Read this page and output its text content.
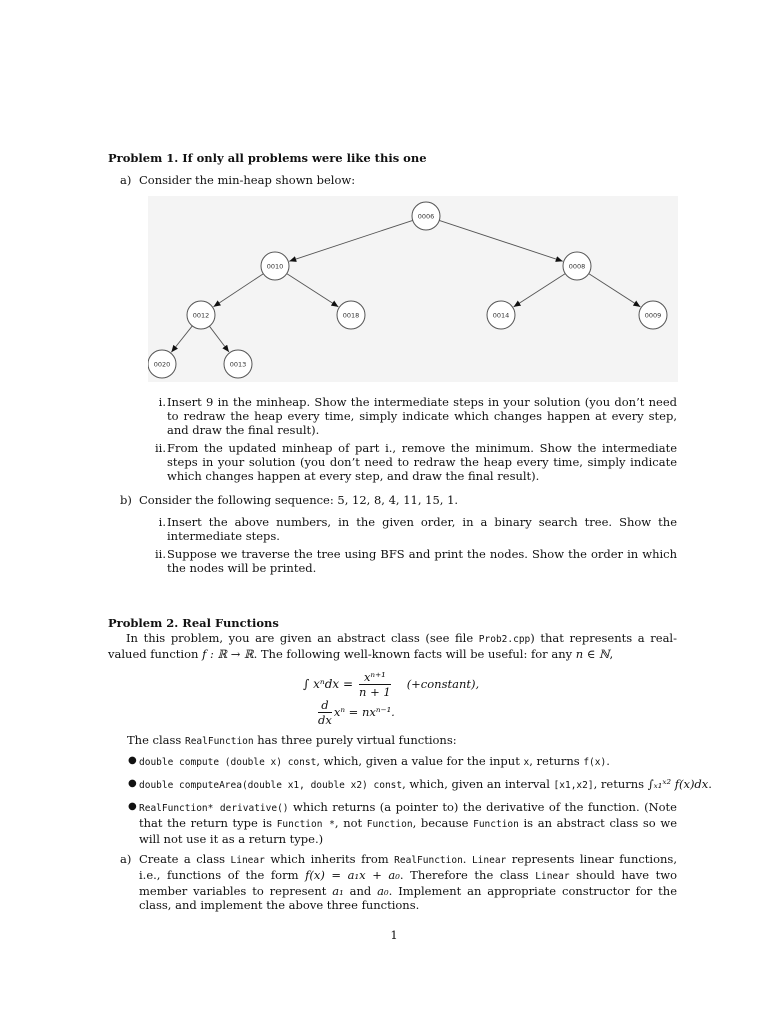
Problem 1. If only all problems were like this one
a) Consider the min-heap shown below:
0006
0010	0008
0012	0018	0014	0009
0020	0013
i. Insert 9 in the minheap. Show the intermediate steps in your solution (you don’t need to redraw the heap every time, simply indicate which changes happen at every step, and draw the final result).
ii. From the updated minheap of part i., remove the minimum. Show the intermediate steps in your solution (you don’t need to redraw the heap every time, simply indicate which changes happen at every step, and draw the final result).
b) Consider the following sequence: 5, 12, 8, 4, 11, 15, 1.
i. Insert the above numbers, in the given order, in a binary search tree. Show the intermediate steps.
ii. Suppose we traverse the tree using BFS and print the nodes. Show the order in which the nodes will be printed.
Problem 2. Real Functions
In this problem, you are given an abstract class (see file Prob2.cpp) that represents a real-valued function f : ℝ → ℝ. The following well-known facts will be useful: for any n ∈ ℕ,
∫ $x^ndx = \frac{\text{xⁿ⁺¹}}{n + 1}$ (+constant),
$\frac{d}{dx}$ xⁿ = nxⁿ⁻¹.
The class RealFunction has three purely virtual functions:
● double compute (double x) const, which, given a value for the input x, returns f(x).
● double computeArea(double x1, double x2) const, which, given an interval [x1,x2], returns ∫ₓ₁ˣ² f(x)dx.
● RealFunction* derivative() which returns (a pointer to) the derivative of the function. (Note that the return type is Function *, not Function, because Function is an abstract class so we will not use it as a return type.)
a) Create a class Linear which inherits from RealFunction. Linear represents linear functions, i.e., functions of the form f(x) = a₁x + a₀. Therefore the class Linear should have two member variables to represent a₁ and a₀. Implement an appropriate constructor for the class, and implement the above three functions.
1
